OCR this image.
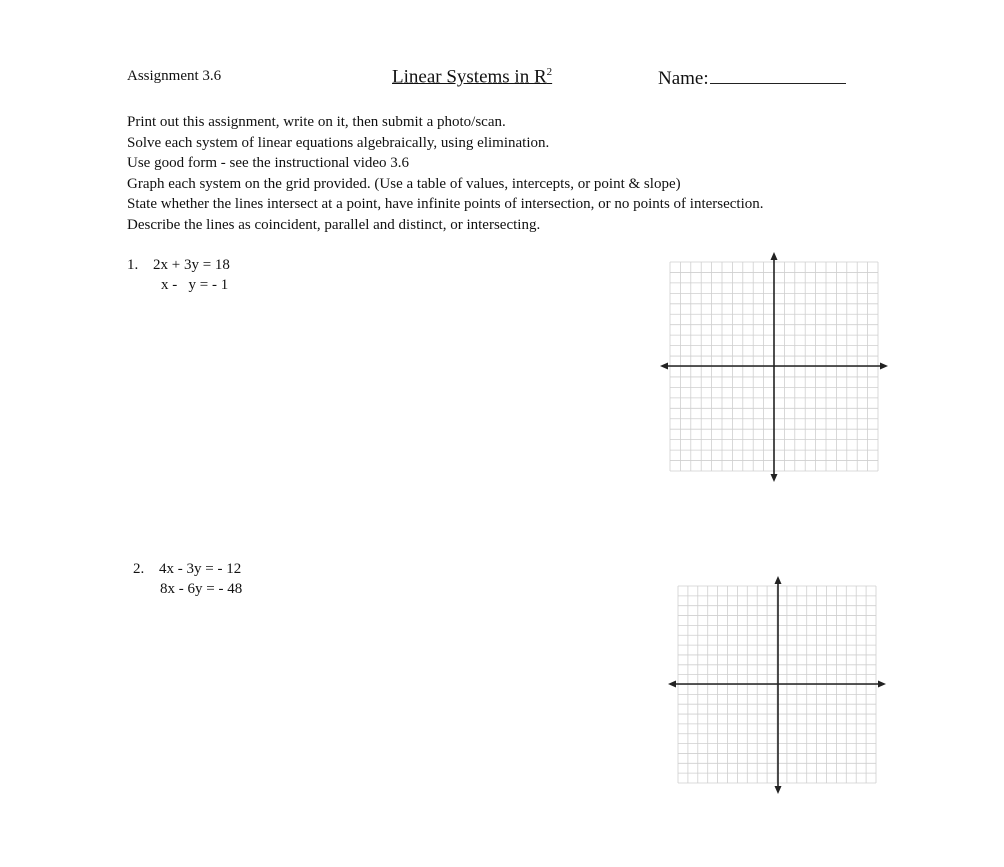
Assignment 3.6	Linear Systems in $R^2$	Name:
Print out this assignment, write on it, then submit a photo/scan.
Solve each system of linear equations algebraically, using elimination.
Use good form - see the instructional video 3.6
Graph each system on the grid provided. (Use a table of values, intercepts, or point & slope)
State whether the lines intersect at a point, have infinite points of intersection, or no points of intersection.
Describe the lines as coincident, parallel and distinct, or intersecting.
1. 2x + 3y = 18
x -   y = - 1
2. 4x - 3y = - 12
8x - 6y = - 48
